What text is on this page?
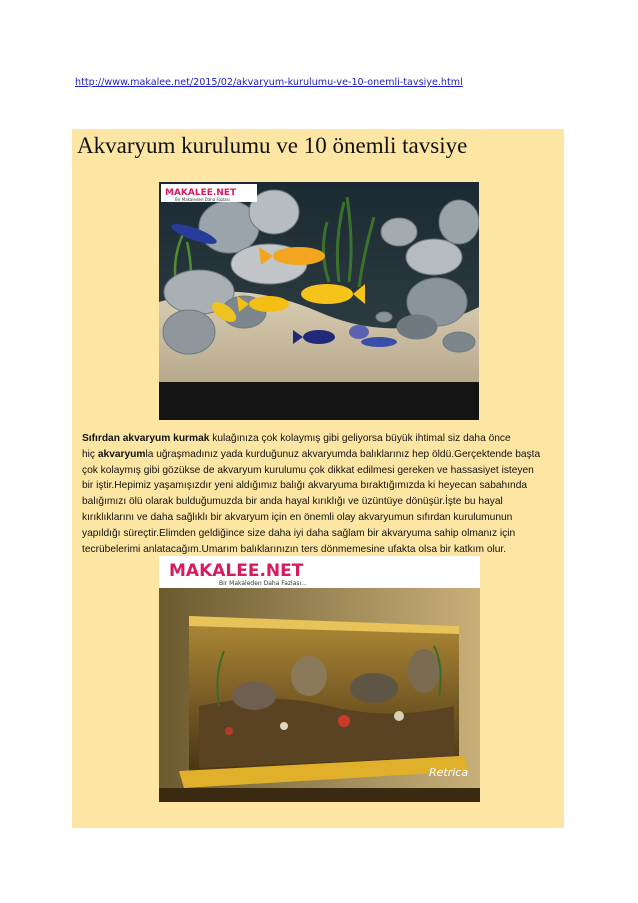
http://www.makalee.net/2015/02/akvaryum-kurulumu-ve-10-onemli-tavsiye.html
Akvaryum kurulumu ve 10 önemli tavsiye
MAKALEE.NET
Bir Makaleden Daha Fazlası

Sıfırdan akvaryum kurmak kulağınıza çok kolaymış gibi geliyorsa büyük ihtimal siz daha önce

hiç akvaryumla uğraşmadınız yada kurduğunuz akvaryumda balıklarınız hep öldü.Gerçektende başta

çok kolaymış gibi gözükse de akvaryum kurulumu çok dikkat edilmesi gereken ve hassasiyet isteyen

bir iştir.Hepimiz yaşamışızdır yeni aldığımız balığı akvaryuma bıraktığımızda ki heyecan sabahında

balığımızı ölü olarak bulduğumuzda bir anda hayal kırıklığı ve üzüntüye dönüşür.İşte bu hayal

kırıklıklarını ve daha sağlıklı bir akvaryum için en önemli olay akvaryumun sıfırdan kurulumunun

yapıldığı süreçtir.Elimden geldiğince size daha iyi daha sağlam bir akvaryuma sahip olmanız için

tecrübelerimi anlatacağım.Umarım balıklarınızın ters dönmemesine ufakta olsa bir katkım olur.

MAKALEE.NET
Bir Makaleden Daha Fazlası...
Retrica
